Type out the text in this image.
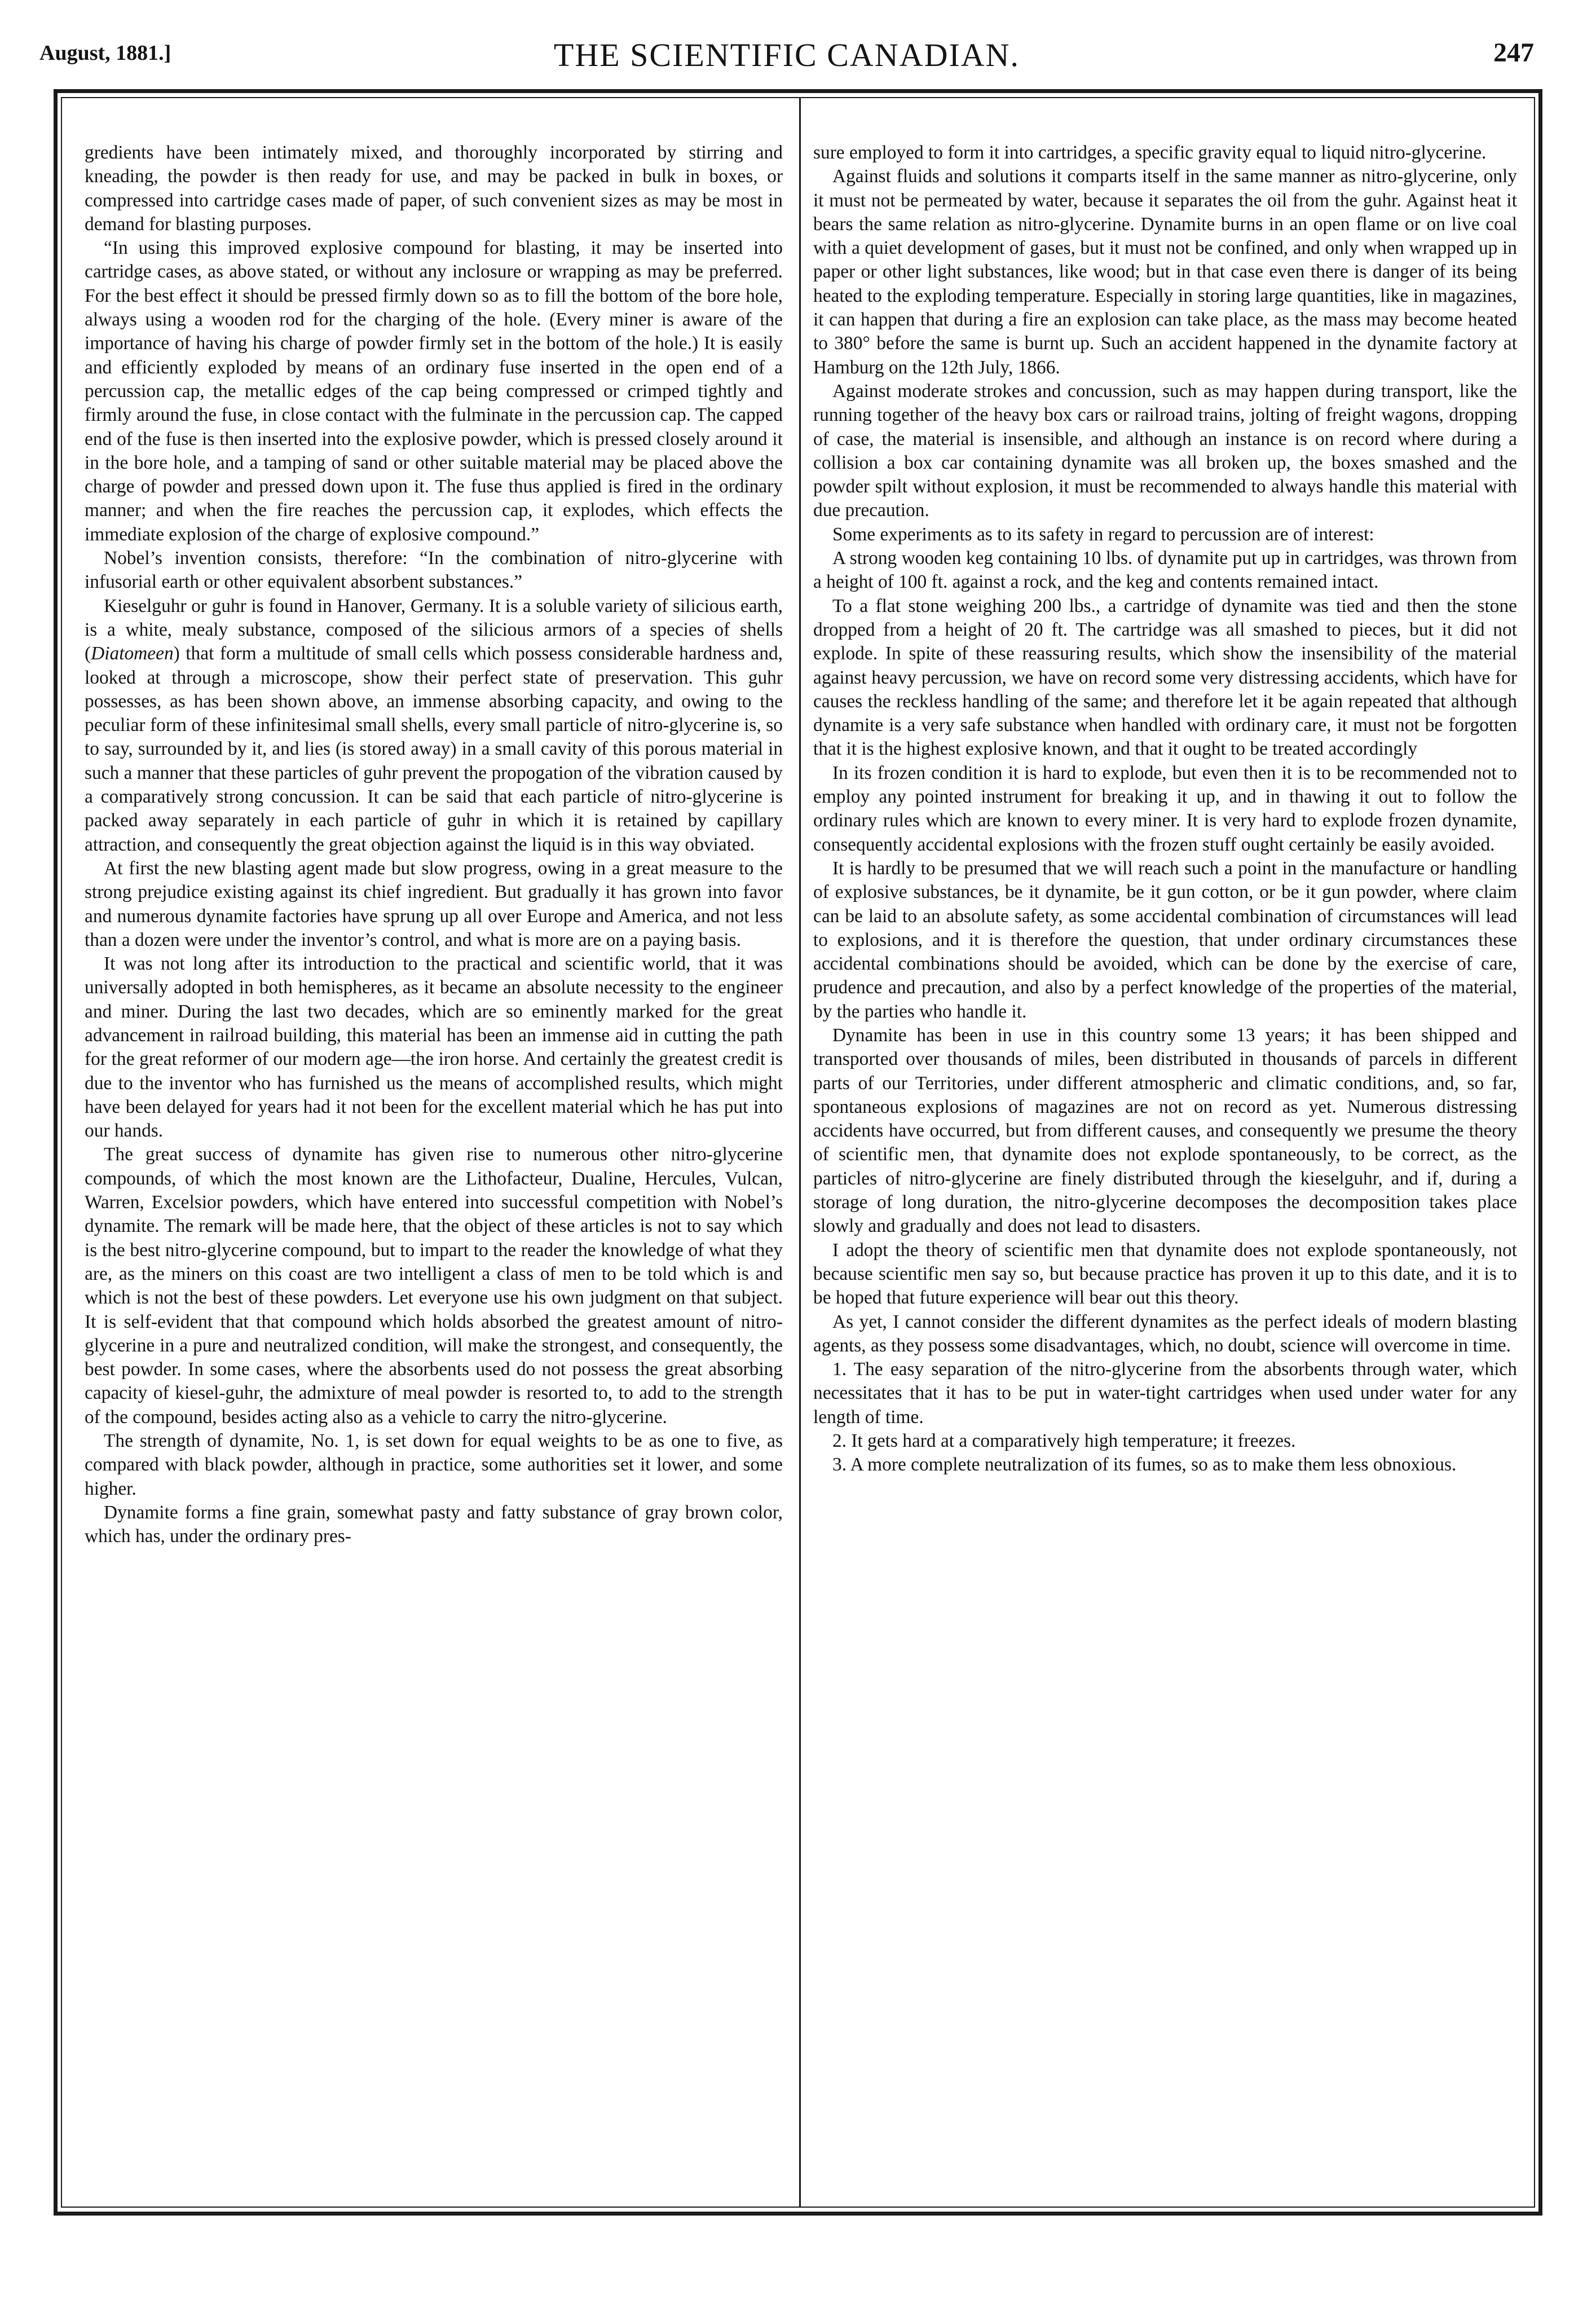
August, 1881.]	THE SCIENTIFIC CANADIAN.	247

gredients have been intimately mixed, and thoroughly incorporated by stirring and kneading, the powder is then ready for use, and may be packed in bulk in boxes, or compressed into cartridge cases made of paper, of such convenient sizes as may be most in demand for blasting purposes.

“In using this improved explosive compound for blasting, it may be inserted into cartridge cases, as above stated, or without any inclosure or wrapping as may be preferred. For the best effect it should be pressed firmly down so as to fill the bottom of the bore hole, always using a wooden rod for the charging of the hole. (Every miner is aware of the importance of having his charge of powder firmly set in the bottom of the hole.) It is easily and efficiently exploded by means of an ordinary fuse inserted in the open end of a percussion cap, the metallic edges of the cap being compressed or crimped tightly and firmly around the fuse, in close contact with the fulminate in the percussion cap. The capped end of the fuse is then inserted into the explosive powder, which is pressed closely around it in the bore hole, and a tamping of sand or other suitable material may be placed above the charge of powder and pressed down upon it. The fuse thus applied is fired in the ordinary manner; and when the fire reaches the percussion cap, it explodes, which effects the immediate explosion of the charge of explosive compound.”

Nobel’s invention consists, therefore: “In the combination of nitro-glycerine with infusorial earth or other equivalent absorbent substances.”

Kieselguhr or guhr is found in Hanover, Germany. It is a soluble variety of silicious earth, is a white, mealy substance, composed of the silicious armors of a species of shells (Diatomeen) that form a multitude of small cells which possess considerable hardness and, looked at through a microscope, show their perfect state of preservation. This guhr possesses, as has been shown above, an immense absorbing capacity, and owing to the peculiar form of these infinitesimal small shells, every small particle of nitro-glycerine is, so to say, surrounded by it, and lies (is stored away) in a small cavity of this porous material in such a manner that these particles of guhr prevent the propogation of the vibration caused by a comparatively strong concussion. It can be said that each particle of nitro-glycerine is packed away separately in each particle of guhr in which it is retained by capillary attraction, and consequently the great objection against the liquid is in this way obviated.

At first the new blasting agent made but slow progress, owing in a great measure to the strong prejudice existing against its chief ingredient. But gradually it has grown into favor and numerous dynamite factories have sprung up all over Europe and America, and not less than a dozen were under the inventor’s control, and what is more are on a paying basis.

It was not long after its introduction to the practical and scientific world, that it was universally adopted in both hemispheres, as it became an absolute necessity to the engineer and miner. During the last two decades, which are so eminently marked for the great advancement in railroad building, this material has been an immense aid in cutting the path for the great reformer of our modern age—the iron horse. And certainly the greatest credit is due to the inventor who has furnished us the means of accomplished results, which might have been delayed for years had it not been for the excellent material which he has put into our hands.

The great success of dynamite has given rise to numerous other nitro-glycerine compounds, of which the most known are the Lithofacteur, Dualine, Hercules, Vulcan, Warren, Excelsior powders, which have entered into successful competition with Nobel’s dynamite. The remark will be made here, that the object of these articles is not to say which is the best nitro-glycerine compound, but to impart to the reader the knowledge of what they are, as the miners on this coast are two intelligent a class of men to be told which is and which is not the best of these powders. Let everyone use his own judgment on that subject. It is self-evident that that compound which holds absorbed the greatest amount of nitro-glycerine in a pure and neutralized condition, will make the strongest, and consequently, the best powder. In some cases, where the absorbents used do not possess the great absorbing capacity of kiesel-guhr, the admixture of meal powder is resorted to, to add to the strength of the compound, besides acting also as a vehicle to carry the nitro-glycerine.

The strength of dynamite, No. 1, is set down for equal weights to be as one to five, as compared with black powder, although in practice, some authorities set it lower, and some higher.

Dynamite forms a fine grain, somewhat pasty and fatty substance of gray brown color, which has, under the ordinary pres-

sure employed to form it into cartridges, a specific gravity equal to liquid nitro-glycerine.

Against fluids and solutions it comparts itself in the same manner as nitro-glycerine, only it must not be permeated by water, because it separates the oil from the guhr. Against heat it bears the same relation as nitro-glycerine. Dynamite burns in an open flame or on live coal with a quiet development of gases, but it must not be confined, and only when wrapped up in paper or other light substances, like wood; but in that case even there is danger of its being heated to the exploding temperature. Especially in storing large quantities, like in magazines, it can happen that during a fire an explosion can take place, as the mass may become heated to 380° before the same is burnt up. Such an accident happened in the dynamite factory at Hamburg on the 12th July, 1866.

Against moderate strokes and concussion, such as may happen during transport, like the running together of the heavy box cars or railroad trains, jolting of freight wagons, dropping of case, the material is insensible, and although an instance is on record where during a collision a box car containing dynamite was all broken up, the boxes smashed and the powder spilt without explosion, it must be recommended to always handle this material with due precaution.

Some experiments as to its safety in regard to percussion are of interest:

A strong wooden keg containing 10 lbs. of dynamite put up in cartridges, was thrown from a height of 100 ft. against a rock, and the keg and contents remained intact.

To a flat stone weighing 200 lbs., a cartridge of dynamite was tied and then the stone dropped from a height of 20 ft. The cartridge was all smashed to pieces, but it did not explode. In spite of these reassuring results, which show the insensibility of the material against heavy percussion, we have on record some very distressing accidents, which have for causes the reckless handling of the same; and therefore let it be again repeated that although dynamite is a very safe substance when handled with ordinary care, it must not be forgotten that it is the highest explosive known, and that it ought to be treated accordingly

In its frozen condition it is hard to explode, but even then it is to be recommended not to employ any pointed instrument for breaking it up, and in thawing it out to follow the ordinary rules which are known to every miner. It is very hard to explode frozen dynamite, consequently accidental explosions with the frozen stuff ought certainly be easily avoided.

It is hardly to be presumed that we will reach such a point in the manufacture or handling of explosive substances, be it dynamite, be it gun cotton, or be it gun powder, where claim can be laid to an absolute safety, as some accidental combination of circumstances will lead to explosions, and it is therefore the question, that under ordinary circumstances these accidental combinations should be avoided, which can be done by the exercise of care, prudence and precaution, and also by a perfect knowledge of the properties of the material, by the parties who handle it.

Dynamite has been in use in this country some 13 years; it has been shipped and transported over thousands of miles, been distributed in thousands of parcels in different parts of our Territories, under different atmospheric and climatic conditions, and, so far, spontaneous explosions of magazines are not on record as yet. Numerous distressing accidents have occurred, but from different causes, and consequently we presume the theory of scientific men, that dynamite does not explode spontaneously, to be correct, as the particles of nitro-glycerine are finely distributed through the kieselguhr, and if, during a storage of long duration, the nitro-glycerine decomposes the decomposition takes place slowly and gradually and does not lead to disasters.

I adopt the theory of scientific men that dynamite does not explode spontaneously, not because scientific men say so, but because practice has proven it up to this date, and it is to be hoped that future experience will bear out this theory.

As yet, I cannot consider the different dynamites as the perfect ideals of modern blasting agents, as they possess some disadvantages, which, no doubt, science will overcome in time.

1. The easy separation of the nitro-glycerine from the absorbents through water, which necessitates that it has to be put in water-tight cartridges when used under water for any length of time.

2. It gets hard at a comparatively high temperature; it freezes.

3. A more complete neutralization of its fumes, so as to make them less obnoxious.
